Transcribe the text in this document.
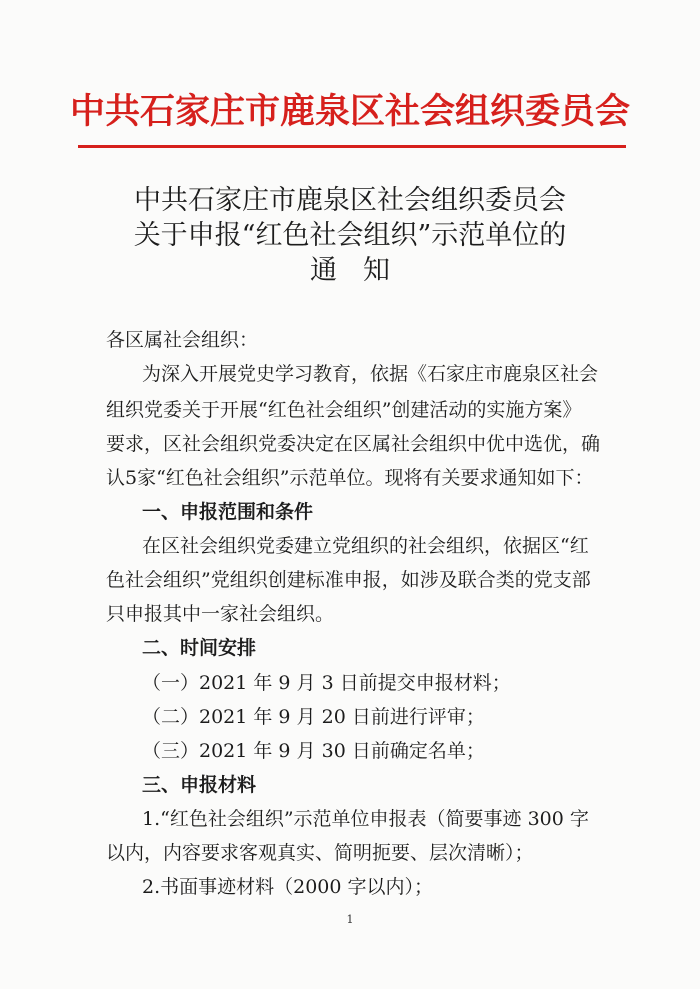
中共石家庄市鹿泉区社会组织委员会
中共石家庄市鹿泉区社会组织委员会
关于申报“红色社会组织”示范单位的
通知
各区属社会组织：
为深入开展党史学习教育，依据《石家庄市鹿泉区社会
组织党委关于开展“红色社会组织”创建活动的实施方案》
要求，区社会组织党委决定在区属社会组织中优中选优，确
认5家“红色社会组织”示范单位。现将有关要求通知如下：
一、申报范围和条件
在区社会组织党委建立党组织的社会组织，依据区“红
色社会组织”党组织创建标准申报，如涉及联合类的党支部
只申报其中一家社会组织。
二、时间安排
（一）2021 年 9 月 3 日前提交申报材料；
（二）2021 年 9 月 20 日前进行评审；
（三）2021 年 9 月 30 日前确定名单；
三、申报材料
1.“红色社会组织”示范单位申报表（简要事迹 300 字
以内，内容要求客观真实、简明扼要、层次清晰）；
2.书面事迹材料（2000 字以内）；
1
